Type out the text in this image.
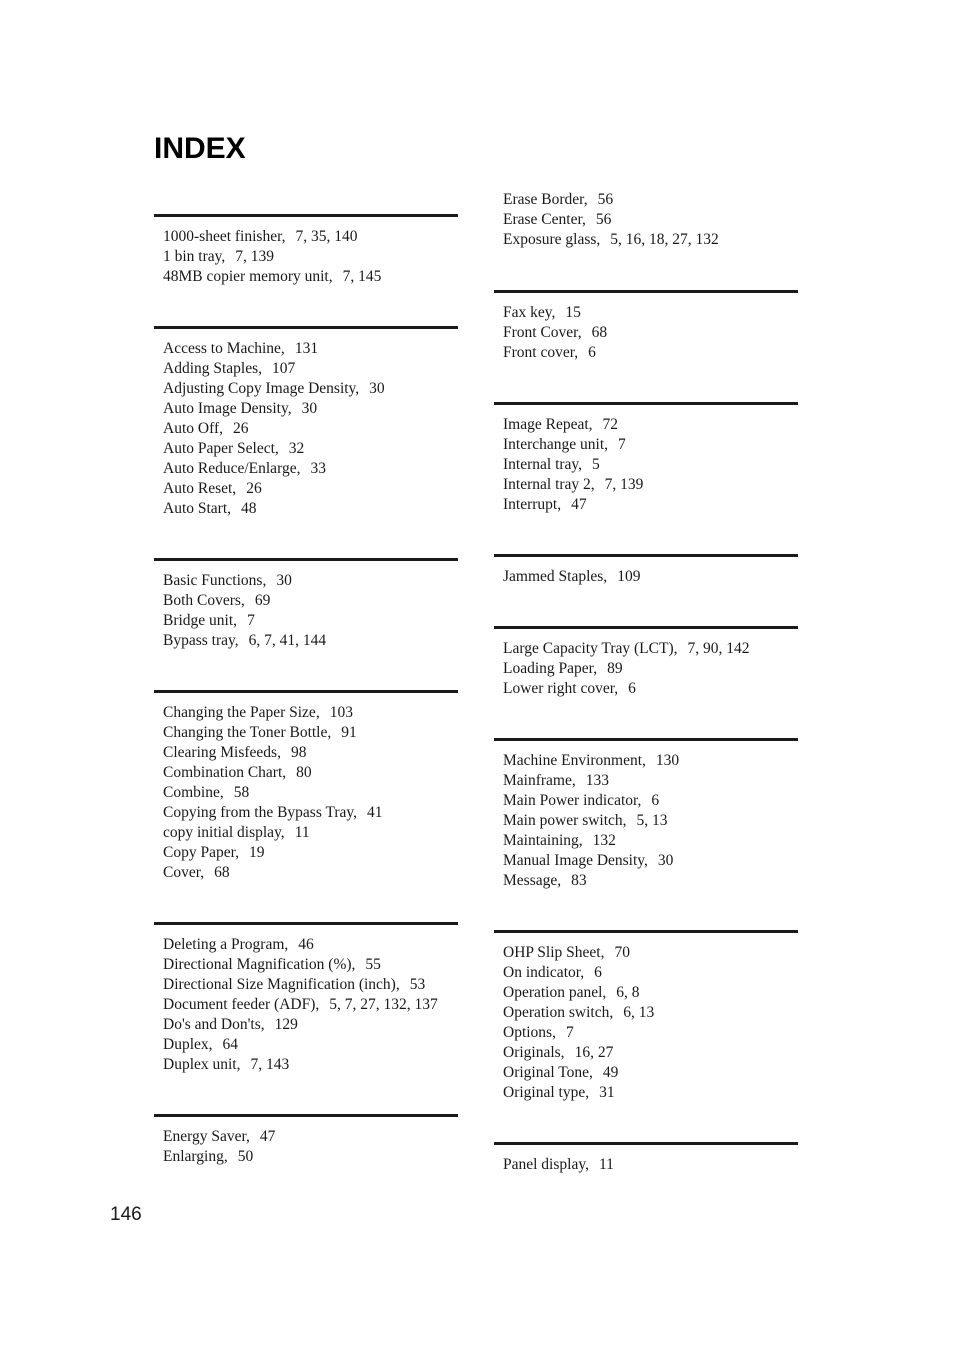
INDEX
1000-sheet finisher, 7, 35, 140
1 bin tray, 7, 139
48MB copier memory unit, 7, 145
Access to Machine, 131
Adding Staples, 107
Adjusting Copy Image Density, 30
Auto Image Density, 30
Auto Off, 26
Auto Paper Select, 32
Auto Reduce/Enlarge, 33
Auto Reset, 26
Auto Start, 48
Basic Functions, 30
Both Covers, 69
Bridge unit, 7
Bypass tray, 6, 7, 41, 144
Changing the Paper Size, 103
Changing the Toner Bottle, 91
Clearing Misfeeds, 98
Combination Chart, 80
Combine, 58
Copying from the Bypass Tray, 41
copy initial display, 11
Copy Paper, 19
Cover, 68
Deleting a Program, 46
Directional Magnification (%), 55
Directional Size Magnification (inch), 53
Document feeder (ADF), 5, 7, 27, 132, 137
Do's and Don'ts, 129
Duplex, 64
Duplex unit, 7, 143
Energy Saver, 47
Enlarging, 50
Erase Border, 56
Erase Center, 56
Exposure glass, 5, 16, 18, 27, 132
Fax key, 15
Front Cover, 68
Front cover, 6
Image Repeat, 72
Interchange unit, 7
Internal tray, 5
Internal tray 2, 7, 139
Interrupt, 47
Jammed Staples, 109
Large Capacity Tray (LCT), 7, 90, 142
Loading Paper, 89
Lower right cover, 6
Machine Environment, 130
Mainframe, 133
Main Power indicator, 6
Main power switch, 5, 13
Maintaining, 132
Manual Image Density, 30
Message, 83
OHP Slip Sheet, 70
On indicator, 6
Operation panel, 6, 8
Operation switch, 6, 13
Options, 7
Originals, 16, 27
Original Tone, 49
Original type, 31
Panel display, 11
146
